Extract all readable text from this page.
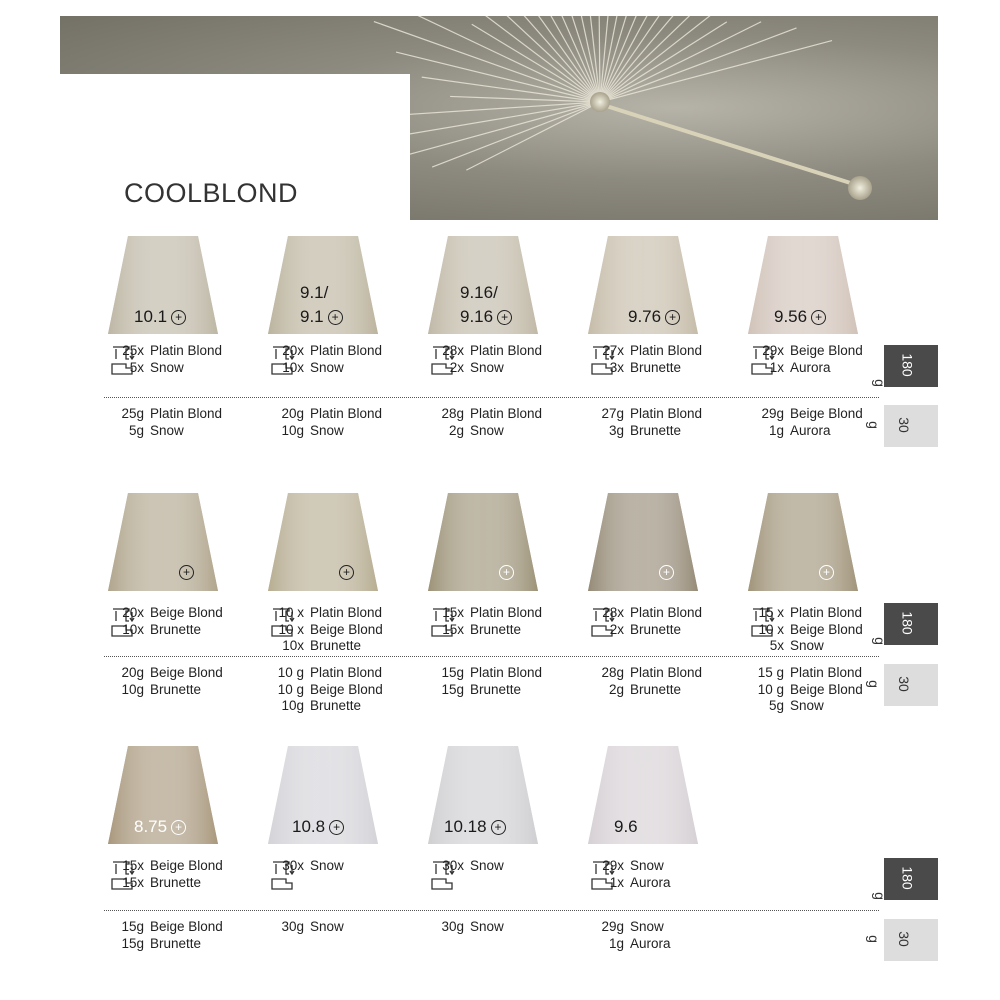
COOLBLOND
10.1 +
25x Platin Blond
5x Snow
25g Platin Blond
5g Snow
9.1/
9.1 +
20x Platin Blond
10x Snow
20g Platin Blond
10g Snow
9.16/
9.16 +
28x Platin Blond
2x Snow
28g Platin Blond
2g Snow
9.76 +
27x Platin Blond
3x Brunette
27g Platin Blond
3g Brunette
9.56 +
29x Beige Blond
1x Aurora
29g Beige Blond
1g Aurora
180
g
30
g
+
20x Beige Blond
10x Brunette
20g Beige Blond
10g Brunette
+
10 x Platin Blond
10 x Beige Blond
10x Brunette
10 g Platin Blond
10 g Beige Blond
10g Brunette
+
15x Platin Blond
15x Brunette
15g Platin Blond
15g Brunette
+
28x Platin Blond
2x Brunette
28g Platin Blond
2g Brunette
+
15 x Platin Blond
10 x Beige Blond
5x Snow
15 g Platin Blond
10 g Beige Blond
5g Snow
180
g
30
g
8.75 +
15x Beige Blond
15x Brunette
15g Beige Blond
15g Brunette
10.8 +
30x Snow
30g Snow
10.18 +
30x Snow
30g Snow
9.6
29x Snow
1x Aurora
29g Snow
1g Aurora
180
g
30
g
